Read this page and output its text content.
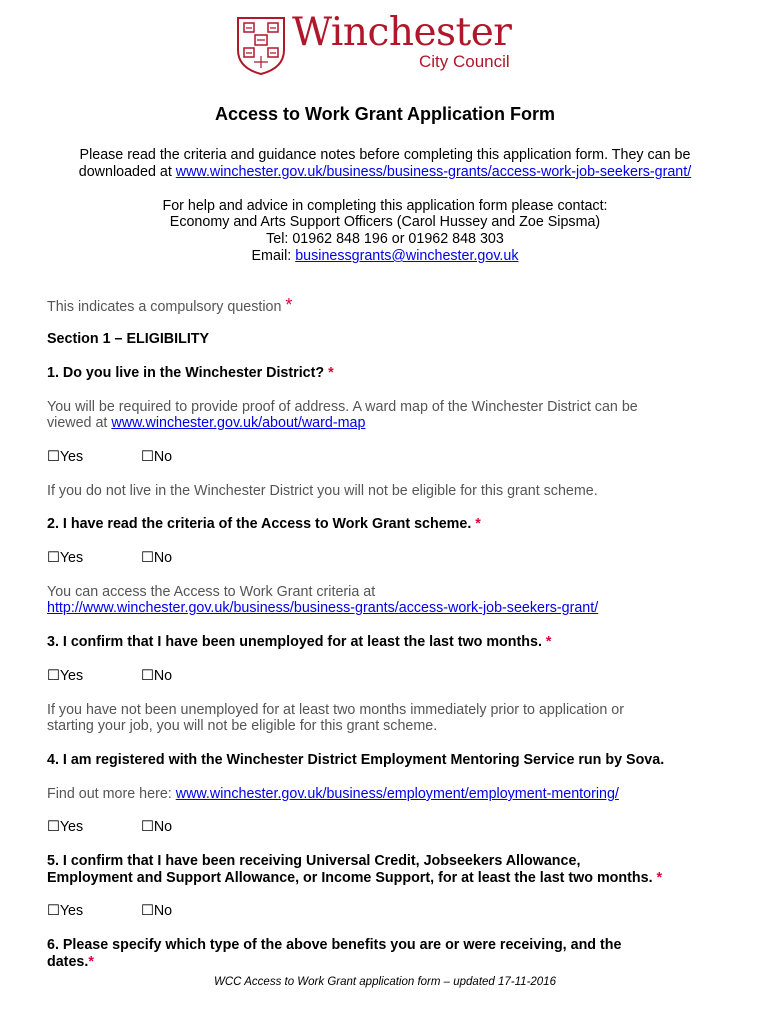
Winchester
City Council
Access to Work Grant Application Form
Please read the criteria and guidance notes before completing this application form. They can be
downloaded at www.winchester.gov.uk/business/business-grants/access-work-job-seekers-grant/
For help and advice in completing this application form please contact:
Economy and Arts Support Officers (Carol Hussey and Zoe Sipsma)
Tel: 01962 848 196 or 01962 848 303
Email: businessgrants@winchester.gov.uk
This indicates a compulsory question *
Section 1 – ELIGIBILITY
1. Do you live in the Winchester District? *
You will be required to provide proof of address. A ward map of the Winchester District can be
viewed at www.winchester.gov.uk/about/ward-map
☐Yes	☐No
If you do not live in the Winchester District you will not be eligible for this grant scheme.
2. I have read the criteria of the Access to Work Grant scheme. *
☐Yes	☐No
You can access the Access to Work Grant criteria at
http://www.winchester.gov.uk/business/business-grants/access-work-job-seekers-grant/
3. I confirm that I have been unemployed for at least the last two months. *
☐Yes	☐No
If you have not been unemployed for at least two months immediately prior to application or
starting your job, you will not be eligible for this grant scheme.
4. I am registered with the Winchester District Employment Mentoring Service run by Sova.
Find out more here: www.winchester.gov.uk/business/employment/employment-mentoring/
☐Yes	☐No
5. I confirm that I have been receiving Universal Credit, Jobseekers Allowance,
Employment and Support Allowance, or Income Support, for at least the last two months. *
☐Yes	☐No
6. Please specify which type of the above benefits you are or were receiving, and the
dates.*
WCC Access to Work Grant application form – updated 17-11-2016
